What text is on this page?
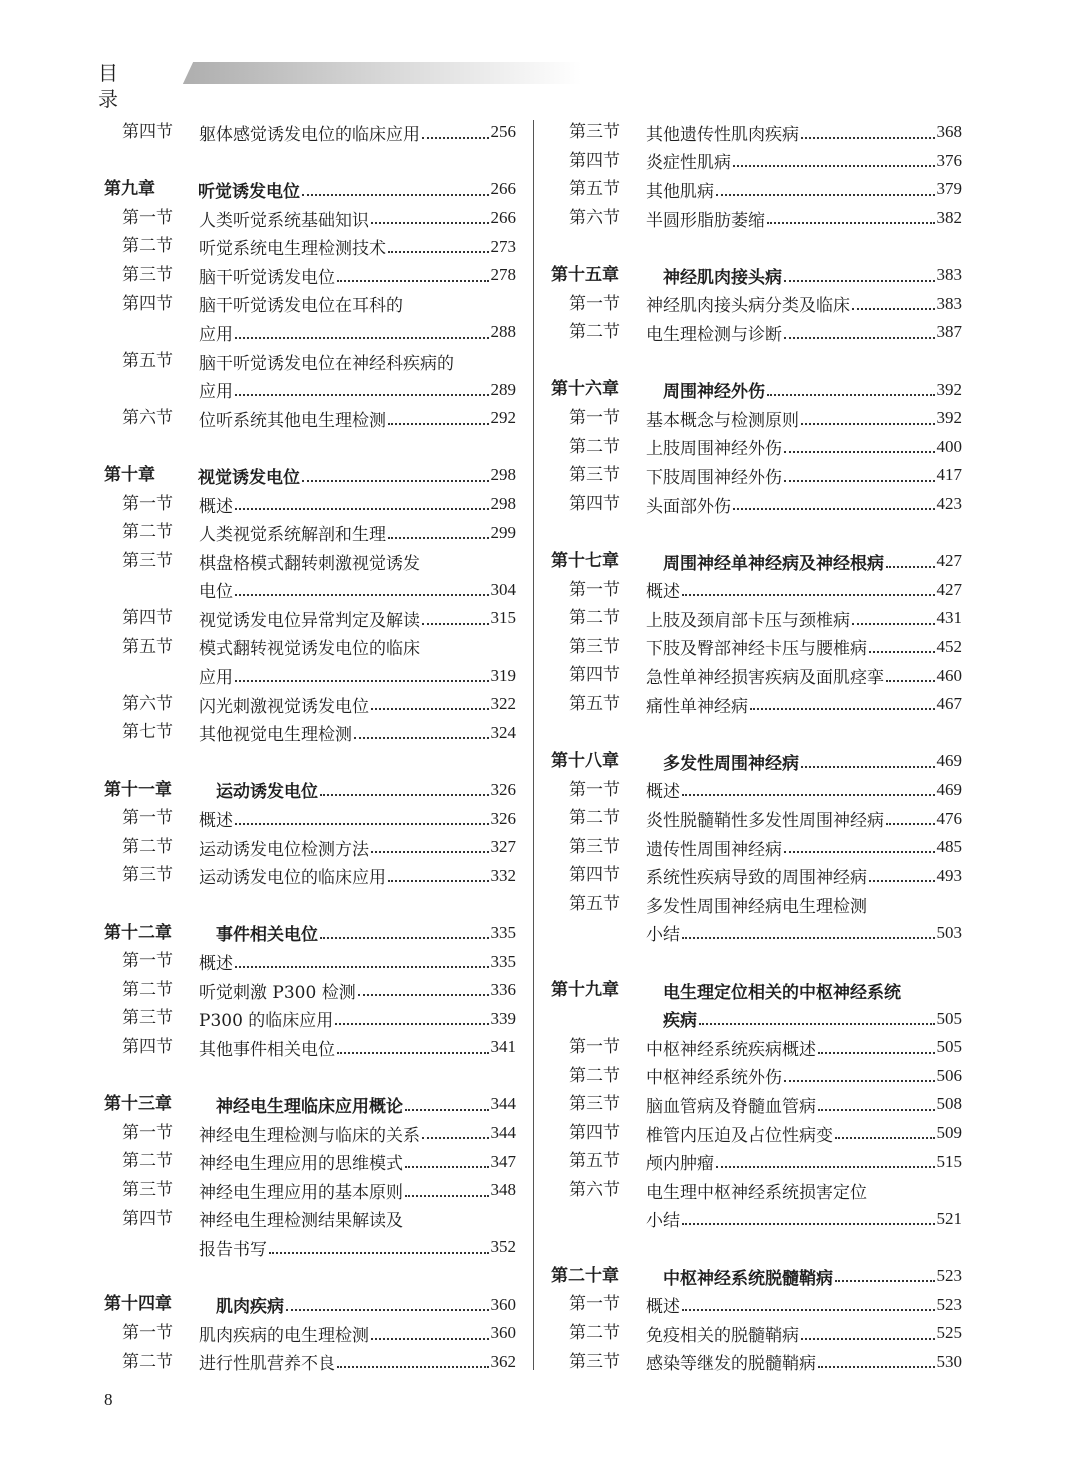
目 录
第四节 躯体感觉诱发电位的临床应用	256
第九章	听觉诱发电位	266
第一节 人类听觉系统基础知识	266
第二节 听觉系统电生理检测技术	273
第三节 脑干听觉诱发电位	278
第四节 脑干听觉诱发电位在耳科的
应用	288
第五节 脑干听觉诱发电位在神经科疾病的
应用	289
第六节 位听系统其他电生理检测	292
第十章	视觉诱发电位	298
第一节 概述	298
第二节 人类视觉系统解剖和生理	299
第三节 棋盘格模式翻转刺激视觉诱发
电位	304
第四节 视觉诱发电位异常判定及解读	315
第五节 模式翻转视觉诱发电位的临床
应用	319
第六节 闪光刺激视觉诱发电位	322
第七节 其他视觉电生理检测	324
第十一章	运动诱发电位	326
第一节 概述	326
第二节 运动诱发电位检测方法	327
第三节 运动诱发电位的临床应用	332
第十二章	事件相关电位	335
第一节 概述	335
第二节 听觉刺激 P300 检测	336
第三节 P300 的临床应用	339
第四节 其他事件相关电位	341
第十三章	神经电生理临床应用概论	344
第一节 神经电生理检测与临床的关系	344
第二节 神经电生理应用的思维模式	347
第三节 神经电生理应用的基本原则	348
第四节 神经电生理检测结果解读及
报告书写	352
第十四章	肌肉疾病	360
第一节 肌肉疾病的电生理检测	360
第二节 进行性肌营养不良	362
第三节 其他遗传性肌肉疾病	368
第四节 炎症性肌病	376
第五节 其他肌病	379
第六节 半圆形脂肪萎缩	382
第十五章	神经肌肉接头病	383
第一节 神经肌肉接头病分类及临床	383
第二节 电生理检测与诊断	387
第十六章	周围神经外伤	392
第一节 基本概念与检测原则	392
第二节 上肢周围神经外伤	400
第三节 下肢周围神经外伤	417
第四节 头面部外伤	423
第十七章	周围神经单神经病及神经根病	427
第一节 概述	427
第二节 上肢及颈肩部卡压与颈椎病	431
第三节 下肢及臀部神经卡压与腰椎病	452
第四节 急性单神经损害疾病及面肌痉挛	460
第五节 痛性单神经病	467
第十八章	多发性周围神经病	469
第一节 概述	469
第二节 炎性脱髓鞘性多发性周围神经病	476
第三节 遗传性周围神经病	485
第四节 系统性疾病导致的周围神经病	493
第五节 多发性周围神经病电生理检测
小结	503
第十九章	电生理定位相关的中枢神经系统
疾病	505
第一节 中枢神经系统疾病概述	505
第二节 中枢神经系统外伤	506
第三节 脑血管病及脊髓血管病	508
第四节 椎管内压迫及占位性病变	509
第五节 颅内肿瘤	515
第六节 电生理中枢神经系统损害定位
小结	521
第二十章	中枢神经系统脱髓鞘病	523
第一节 概述	523
第二节 免疫相关的脱髓鞘病	525
第三节 感染等继发的脱髓鞘病	530
8
